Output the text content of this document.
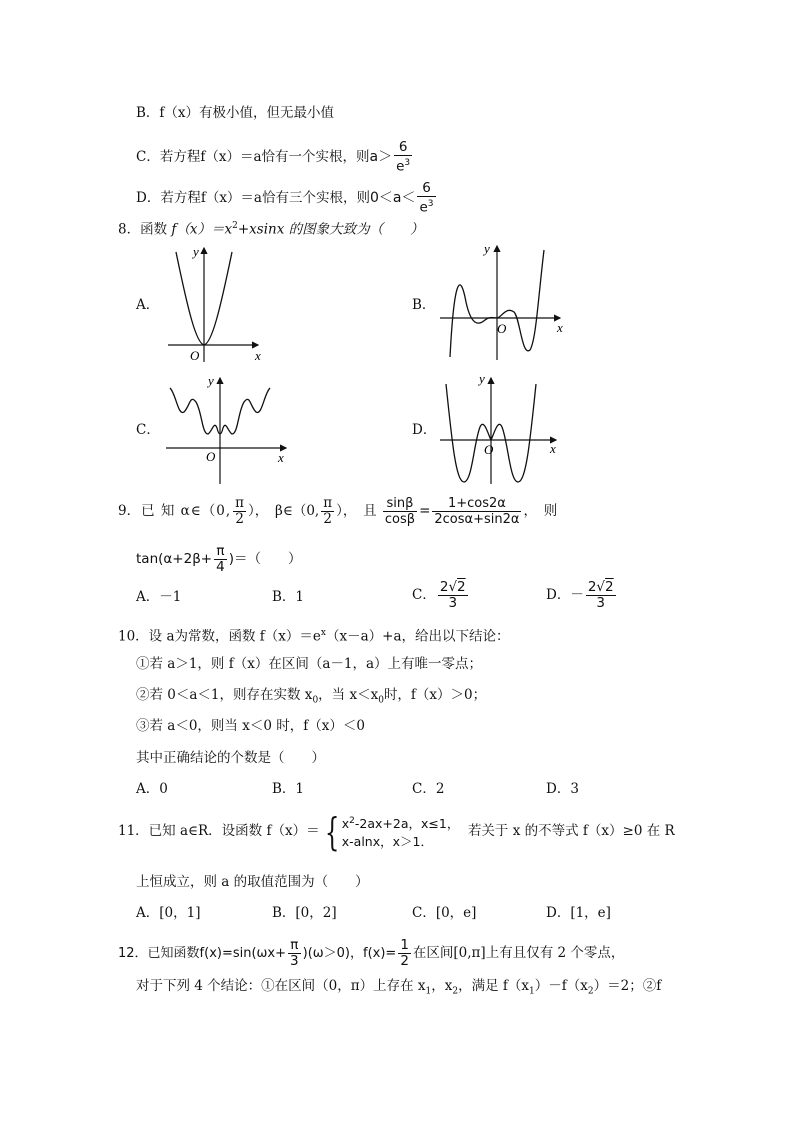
B．f（x）有极小值，但无最小值
C．若方程f（x）＝a恰有一个实根，则$a> \frac{6}{e^3}$
D．若方程f（x）＝a恰有三个实根，则$0<a< \frac{6}{e^3}$
8．函数 $f(x)=x^2+xsinx$ 的图象大致为（　　）
A．	B．
C．	D．
y
x
O
y
x
O
y
x
O
y
x
O
9．已 知 α∈（0, $\frac{\pi}{2}$ ），　β∈（0, $\frac{\pi}{2}$ ），　且 $\frac{\sin\beta}{\cos\beta} = \frac{1+\cos 2\alpha}{2\cos\alpha+\sin 2\alpha}$ ，　则
$\tan(\alpha+2\beta+ \frac{\pi}{4}$ )＝（　　）
A．－1	B．1	C． $\frac{2√2}{3}$	D．－ $\frac{2√2}{3}$
10．设 a为常数，函数 $f(x)=e^x(x-a)+a$，给出以下结论：
①若 a＞1，则 f（x）在区间（a－1，a）上有唯一零点；
②若 0＜a＜1，则存在实数 $x_0$，当 $x<x_0$时，f（x）＞0；
③若 a＜0，则当 x＜0 时，f（x）＜0
其中正确结论的个数是（　　）
A．0	B．1	C．2	D．3
11．已知 a∈R．设函数 f（x）＝ { $x^2-2ax+2a$，x≤1，
x-alnx，x＞1．
若关于 x 的不等式 f（x）≥0 在 R
上恒成立，则 a 的取值范围为（　　）
A．[0，1]	B．[0，2]	C．[0，e]	D．[1，e]
12．已知函数$f(x)=\sin(\omega x+ \frac{\pi}{3} )(\omega>0)$，$f(x)= \frac{1}{2}$ 在区间[0,π]上有且仅有 2 个零点，
对于下列 4 个结论：①在区间（0，π）上存在 $x_1$，$x_2$，满足 $f(x_1)-f(x_2)=2$；②f
